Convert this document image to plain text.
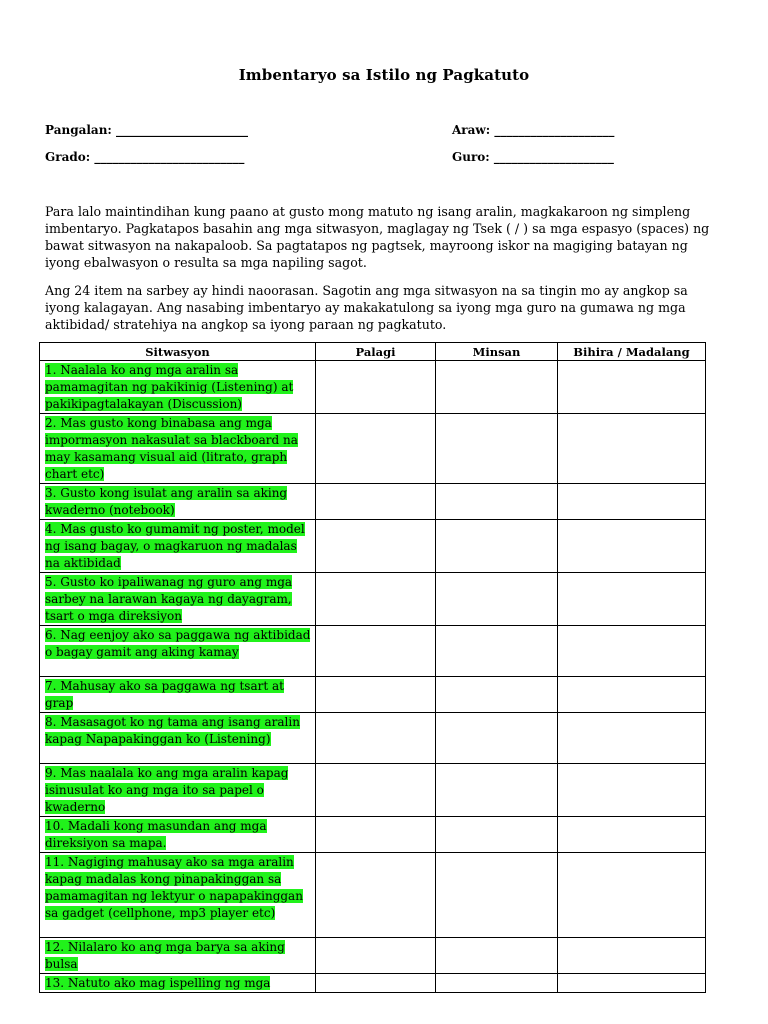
Imbentaryo sa Istilo ng Pagkatuto
Pangalan: ______________________	Araw: ____________________
Grado: _________________________	Guro: ____________________

Para lalo maintindihan kung paano at gusto mong matuto ng isang aralin, magkakaroon ng simpleng imbentaryo. Pagkatapos basahin ang mga sitwasyon, maglagay ng Tsek ( / ) sa mga espasyo (spaces) ng bawat sitwasyon na nakapaloob. Sa pagtatapos ng pagtsek, mayroong iskor na magiging batayan ng iyong ebalwasyon o resulta sa mga napiling sagot.

Ang 24 item na sarbey ay hindi naoorasan. Sagotin ang mga sitwasyon na sa tingin mo ay angkop sa iyong kalagayan. Ang nasabing imbentaryo ay makakatulong sa iyong mga guro na gumawa ng mga aktibidad/ stratehiya na angkop sa iyong paraan ng pagkatuto.

Sitwasyon	Palagi	Minsan	Bihira / Madalang
1. Naalala ko ang mga aralin sa pamamagitan ng pakikinig (Listening) at pakikipagtalakayan (Discussion)			
2. Mas gusto kong binabasa ang mga impormasyon nakasulat sa blackboard na may kasamang visual aid (litrato, graph chart etc)			
3. Gusto kong isulat ang aralin sa aking kwaderno (notebook)			
4. Mas gusto ko gumamit ng poster, model ng isang bagay, o magkaruon ng madalas na aktibidad			
5. Gusto ko ipaliwanag ng guro ang mga sarbey na larawan kagaya ng dayagram, tsart o mga direksiyon			
6. Nag eenjoy ako sa paggawa ng aktibidad o bagay gamit ang aking kamay			
7. Mahusay ako sa paggawa ng tsart at grap			
8. Masasagot ko ng tama ang isang aralin kapag Napapakinggan ko (Listening)			
9. Mas naalala ko ang mga aralin kapag isinusulat ko ang mga ito sa papel o kwaderno			
10. Madali kong masundan ang mga direksiyon sa mapa.			
11. Nagiging mahusay ako sa mga aralin kapag madalas kong pinapakinggan sa pamamagitan ng lektyur o napapakinggan sa gadget (cellphone, mp3 player etc)			
12. Nilalaro ko ang mga barya sa aking bulsa			
13. Natuto ako mag ispelling ng mga			
